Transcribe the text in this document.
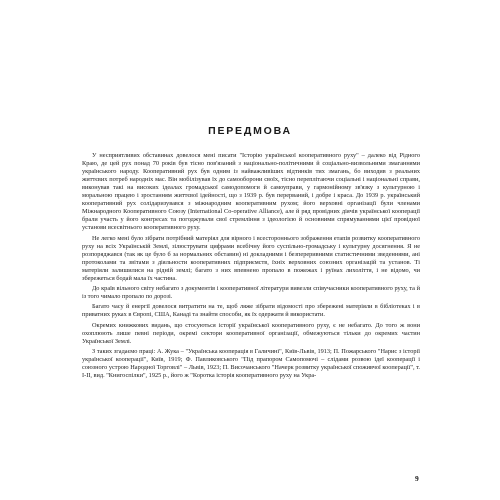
ПЕРЕДМОВА

У несприятливих обставинах довелося мені писати "Історію української кооперативного руху" – далеко від Рідного Краю, де цей рух понад 70 років був тісно пов'язаний з національно-політичними й соціально-визвольними змаганнями українського народу. Кооперативний рух був одним із найважливіших відтинків тих змагань, бо виходив з реальних життєвих потреб народніх мас. Він мобілізував їх до самооборони своїх, тісно переплітаючи соціальні і національні справи, виконував такі на високих ідеалах громадської самодопомоги й самоуправи, у гармонійному зв'язку з культурною і моральною працею і зростанням життєвої ідейності, що з 1939 р. був перерваний, і добре і краса. До 1939 р. український кооперативний рух солідаризувався з міжнародним кооперативним рухом; його верховні організації були членами Міжнародного Кооперативного Союзу (International Co-operative Alliance), але й ряд провідних діячів української кооперації брали участь у його конгресах та погоджували свої стремління з ідеологією й основними спрямуваннями цієї провідної установи всесвітнього кооперативного руху.

Не легко мені було зібрати потрібний матеріял для вірного і всестороннього зображення етапів розвитку кооперативного руху на всіх Українській Землі, зілюструвати цифрами всебічну його суспільно-громадську і культурну досягнення. Я не розпоряджався (так як це було б за нормальних обставин) ні докладними і безпереривними статистичними зведеннями, ані протоколами та звітами з діяльности кооперативних підприємств, їхніх верховних союзних організацій та установ. Ті матеріяли залишилися на рідній землі; багато з них впевнено пропало в пожежах і руїнах лихоліття, і не відомо, чи збережеться бодай мала їх частина.

До країв вільного світу небагато з документів і кооперативної літератури вивезли співучасники кооперативного руху, та й із того чимало пропало по дорозі.

Багато часу й енергії довелося витратити на те, щоб ляже зібрати відомості про збережені матеріяли в бібліотеках і в приватних руках в Європі, США, Канаді та знайти способи, як їх одержати й використати.

Окремих книжкових видань, що стосуються історії української кооперативного руху, є не небагато. До того ж вони охоплюють лише певні періоди, окремі сектори кооперативної організації, обмежуються тільки до окремих частин Української Землі.

З таких згадаємо праці: А. Жука – "Українська кооперація в Галичині", Київ-Львів, 1913; П. Пожарського "Нарис з історії української кооперації", Київ, 1919; Ф. Павликовського "Під прапором Самопомочі – слідами розвою ідеї кооперації і союзного устрою Народної Торговлі" – Львів, 1923; П. Височанського "Начерк розвитку української споживчої кооперації", т. I-II, вид. "Книгоспілки", 1925 р., його ж "Коротка історія кооперативного руху на Укра-

9
